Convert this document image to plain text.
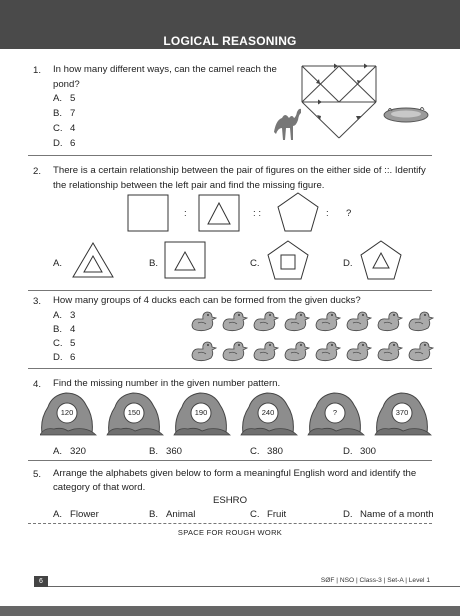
LOGICAL REASONING
1. In how many different ways, can the camel reach the
pond?
A. 5
B. 7
C. 4
D. 6
2. There is a certain relationship between the pair of figures on the either side of ::. Identify
the relationship between the left pair and find the missing figure.
:	: :	: ?
A.	B.	C.	D.
3. How many groups of 4 ducks each can be formed from the given ducks?
A. 3
B. 4
C. 5
D. 6
4. Find the missing number in the given number pattern.
120	150	190	240	?	370
A. 320	B. 360	C. 380	D. 300
5. Arrange the alphabets given below to form a meaningful English word and identify the
category of that word.
ESHRO
A. Flower	B. Animal	C. Fruit	D. Name of a month
SPACE FOR ROUGH WORK
6	SØF | NSO | Class-3 | Set-A | Level 1
